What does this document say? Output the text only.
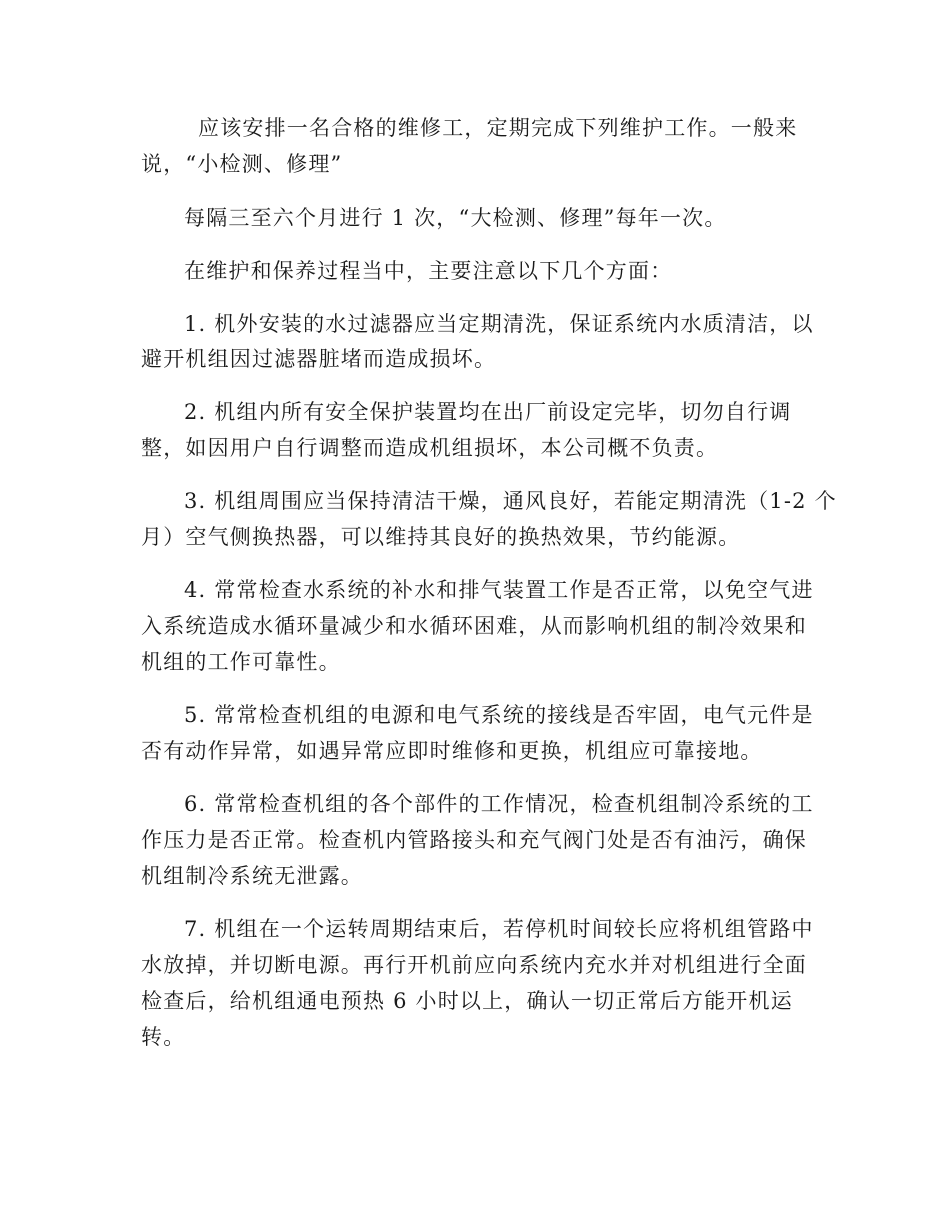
应该安排一名合格的维修工，定期完成下列维护工作。一般来

说，“小检测、修理”

每隔三至六个月进行 1 次，“大检测、修理”每年一次。

在维护和保养过程当中，主要注意以下几个方面：

1. 机外安装的水过滤器应当定期清洗，保证系统内水质清洁，以

避开机组因过滤器脏堵而造成损坏。

2. 机组内所有安全保护装置均在出厂前设定完毕，切勿自行调

整，如因用户自行调整而造成机组损坏，本公司概不负责。

3. 机组周围应当保持清洁干燥，通风良好，若能定期清洗（1-2 个

月）空气侧换热器，可以维持其良好的换热效果，节约能源。

4. 常常检查水系统的补水和排气装置工作是否正常，以免空气进

入系统造成水循环量减少和水循环困难，从而影响机组的制冷效果和

机组的工作可靠性。

5. 常常检查机组的电源和电气系统的接线是否牢固，电气元件是

否有动作异常，如遇异常应即时维修和更换，机组应可靠接地。

6. 常常检查机组的各个部件的工作情况，检查机组制冷系统的工

作压力是否正常。检查机内管路接头和充气阀门处是否有油污，确保

机组制冷系统无泄露。

7. 机组在一个运转周期结束后，若停机时间较长应将机组管路中

水放掉，并切断电源。再行开机前应向系统内充水并对机组进行全面

检查后，给机组通电预热 6 小时以上，确认一切正常后方能开机运

转。
